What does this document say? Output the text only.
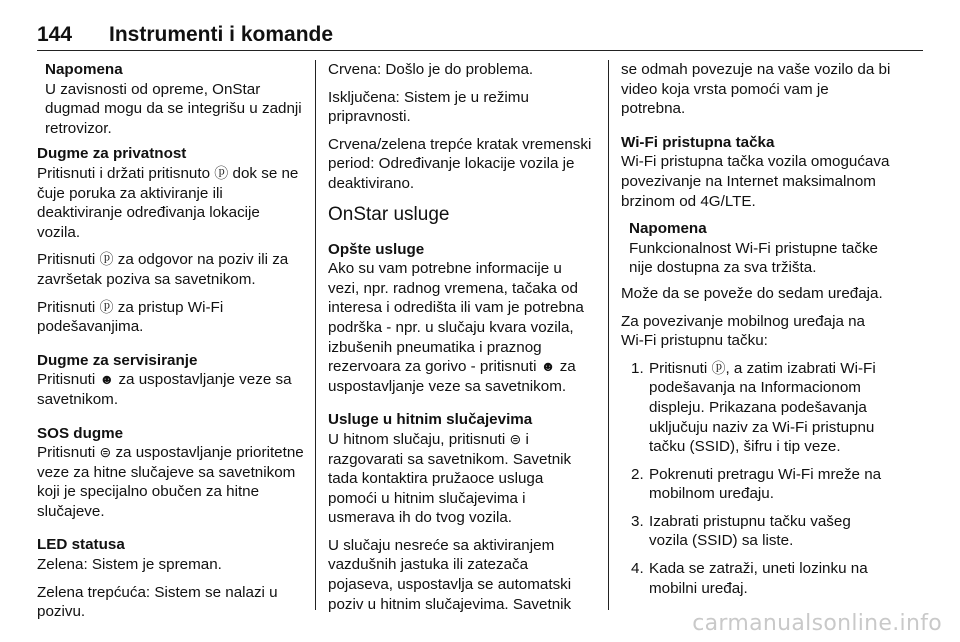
144 Instrumenti i komande
Napomena
U zavisnosti od opreme, OnStar dugmad mogu da se integrišu u zadnji retrovizor.
Dugme za privatnost

Pritisnuti i držati pritisnuto ⓟ dok se ne čuje poruka za aktiviranje ili deaktiviranje određivanja lokacije vozila.

Pritisnuti ⓟ za odgovor na poziv ili za završetak poziva sa savetnikom.

Pritisnuti ⓟ za pristup Wi-Fi podešavanjima.

Dugme za servisiranje

Pritisnuti ☻ za uspostavljanje veze sa savetnikom.

SOS dugme

Pritisnuti ⊜ za uspostavljanje prioritetne veze za hitne slučajeve sa savetnikom koji je specijalno obučen za hitne slučajeve.

LED statusa

Zelena: Sistem je spreman.

Zelena trepćuća: Sistem se nalazi u pozivu.

Crvena: Došlo je do problema.

Isključena: Sistem je u režimu pripravnosti.

Crvena/zelena trepće kratak vremenski period: Određivanje lokacije vozila je deaktivirano.

OnStar usluge
Opšte usluge

Ako su vam potrebne informacije u vezi, npr. radnog vremena, tačaka od interesa i odredišta ili vam je potrebna podrška - npr. u slučaju kvara vozila, izbušenih pneumatika i praznog rezervoara za gorivo - pritisnuti ☻ za uspostavljanje veze sa savetnikom.

Usluge u hitnim slučajevima

U hitnom slučaju, pritisnuti ⊜ i razgovarati sa savetnikom. Savetnik tada kontaktira pružaoce usluga pomoći u hitnim slučajevima i usmerava ih do tvog vozila.

U slučaju nesreće sa aktiviranjem vazdušnih jastuka ili zatezača pojaseva, uspostavlja se automatski poziv u hitnim slučajevima. Savetnik

se odmah povezuje na vaše vozilo da bi video koja vrsta pomoći vam je potrebna.

Wi-Fi pristupna tačka

Wi-Fi pristupna tačka vozila omogućava povezivanje na Internet maksimalnom brzinom od 4G/LTE.

Napomena
Funkcionalnost Wi-Fi pristupne tačke nije dostupna za sva tržišta.

Može da se poveže do sedam uređaja.

Za povezivanje mobilnog uređaja na Wi-Fi pristupnu tačku:

1. Pritisnuti ⓟ, a zatim izabrati Wi-Fi podešavanja na Informacionom displeju. Prikazana podešavanja uključuju naziv za Wi-Fi pristupnu tačku (SSID), šifru i tip veze.
2. Pokrenuti pretragu Wi-Fi mreže na mobilnom uređaju.
3. Izabrati pristupnu tačku vašeg vozila (SSID) sa liste.
4. Kada se zatraži, uneti lozinku na mobilni uređaj.
carmanualsonline.info
